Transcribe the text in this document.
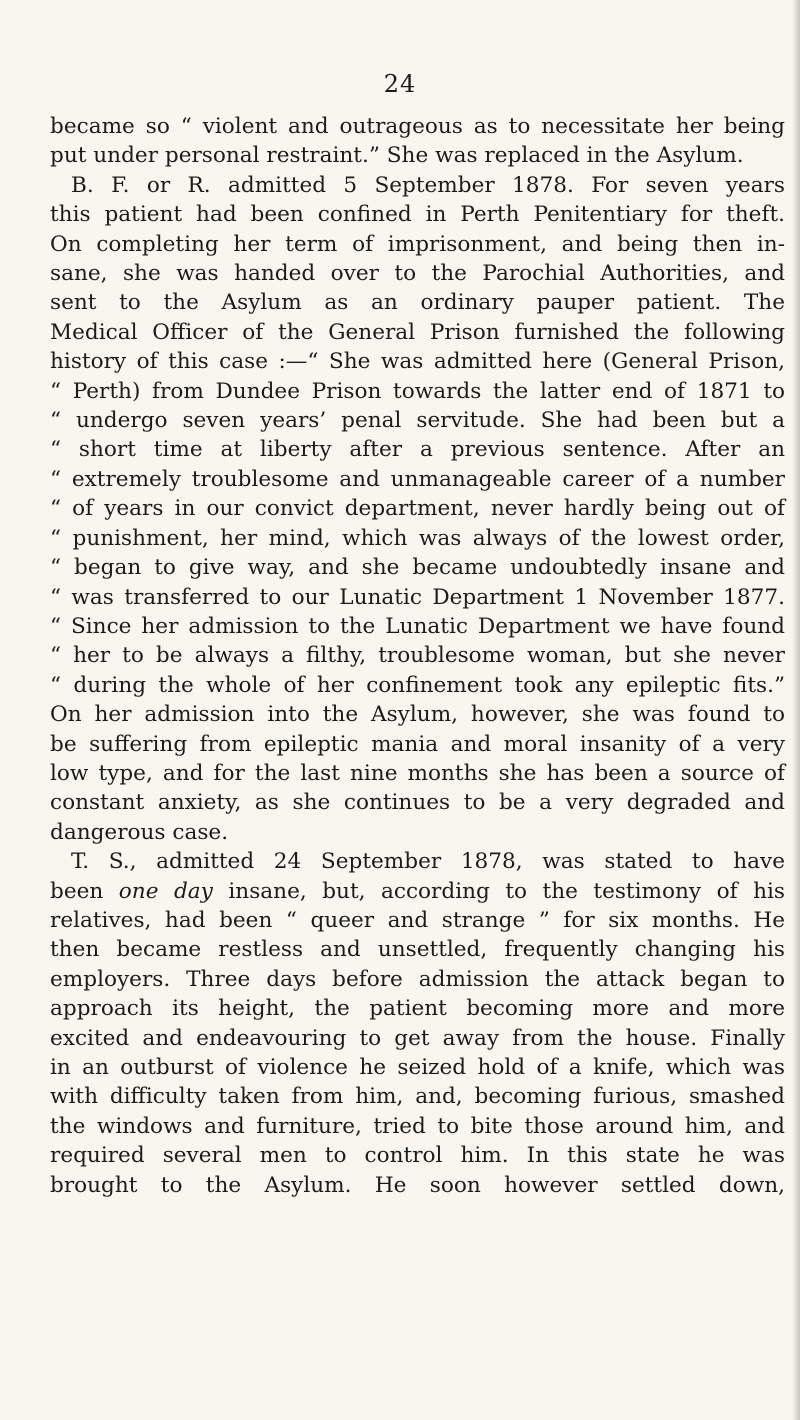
24
became so “ violent and outrageous as to necessitate her being
put under personal restraint.” She was replaced in the Asylum.
B. F. or R. admitted 5 September 1878. For seven years
this patient had been confined in Perth Penitentiary for theft.
On completing her term of imprisonment, and being then in-
sane, she was handed over to the Parochial Authorities, and
sent to the Asylum as an ordinary pauper patient. The
Medical Officer of the General Prison furnished the following
history of this case :—“ She was admitted here (General Prison,
“ Perth) from Dundee Prison towards the latter end of 1871 to
“ undergo seven years’ penal servitude. She had been but a
“ short time at liberty after a previous sentence. After an
“ extremely troublesome and unmanageable career of a number
“ of years in our convict department, never hardly being out of
“ punishment, her mind, which was always of the lowest order,
“ began to give way, and she became undoubtedly insane and
“ was transferred to our Lunatic Department 1 November 1877.
“ Since her admission to the Lunatic Department we have found
“ her to be always a filthy, troublesome woman, but she never
“ during the whole of her confinement took any epileptic fits.”
On her admission into the Asylum, however, she was found to
be suffering from epileptic mania and moral insanity of a very
low type, and for the last nine months she has been a source of
constant anxiety, as she continues to be a very degraded and
dangerous case.
T. S., admitted 24 September 1878, was stated to have
been one day insane, but, according to the testimony of his
relatives, had been “ queer and strange ” for six months. He
then became restless and unsettled, frequently changing his
employers. Three days before admission the attack began to
approach its height, the patient becoming more and more
excited and endeavouring to get away from the house. Finally
in an outburst of violence he seized hold of a knife, which was
with difficulty taken from him, and, becoming furious, smashed
the windows and furniture, tried to bite those around him, and
required several men to control him. In this state he was
brought to the Asylum. He soon however settled down,
